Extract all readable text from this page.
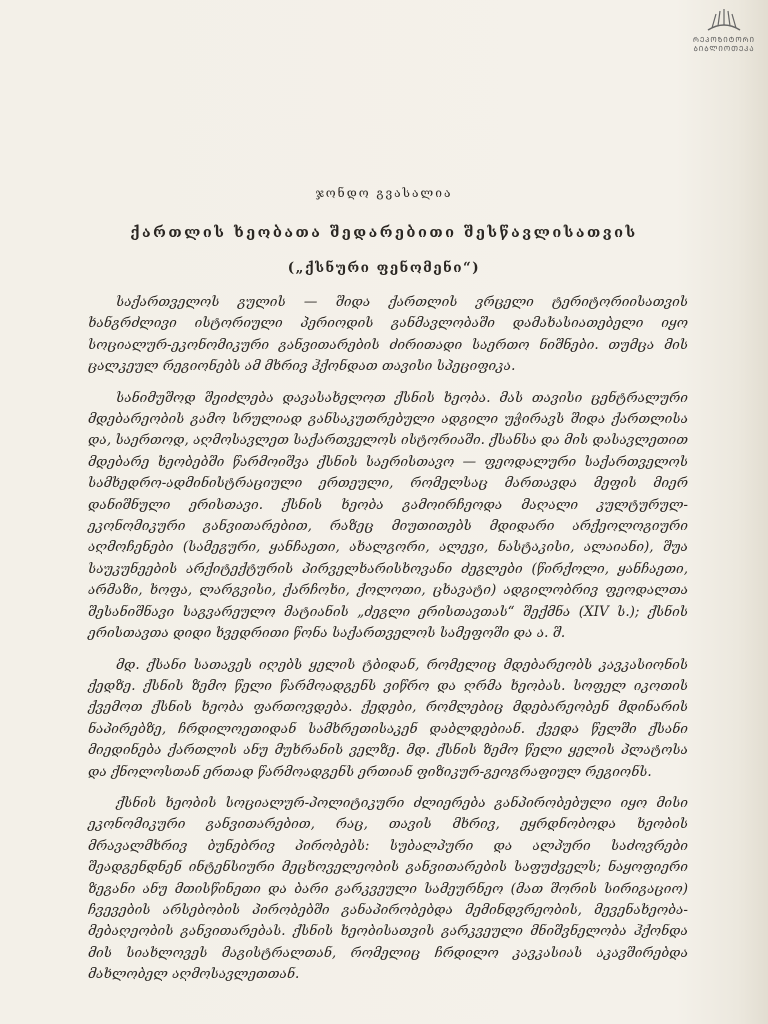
ᲠᲔᲞᲝᲖᲘᲢᲝᲠᲘ
ᲑᲘᲑᲚᲘᲝᲗᲔᲙᲐ
ჯონდო გვასალია
ქართლის ხეობათა შედარებითი შესწავლისათვის
(„ქსნური ფენომენი“)

საქართველოს გულის — შიდა ქართლის ვრცელი ტერიტორიისათვის ხანგრძლივი ისტორიული პერიოდის განმავლობაში დამახასიათებელი იყო სოციალურ-ეკონომიკური განვითარების ძირითადი საერთო ნიშნები. თუმცა მის ცალკეულ რეგიონებს ამ მხრივ ჰქონდათ თავისი სპეციფიკა.

სანიმუშოდ შეიძლება დავასახელოთ ქსნის ხეობა. მას თავისი ცენტრალური მდებარეობის გამო სრულიად განსაკუთრებული ადგილი უჭირავს შიდა ქართლისა და, საერთოდ, აღმოსავლეთ საქართველოს ისტორიაში. ქსანსა და მის დასავლეთით მდებარე ხეობებში წარმოიშვა ქსნის საერისთავო — ფეოდალური საქართველოს სამხედრო-ადმინისტრაციული ერთეული, რომელსაც მართავდა მეფის მიერ დანიშნული ერისთავი. ქსნის ხეობა გამოირჩეოდა მაღალი კულტურულ-ეკონომიკური განვითარებით, რაზეც მიუთითებს მდიდარი არქეოლოგიური აღმოჩენები (სამეგური, ყანჩაეთი, ახალგორი, ალევი, ნასტაკისი, ალაიანი), შუა საუკუნეების არქიტექტურის პირველხარისხოვანი ძეგლები (წირქოლი, ყანჩაეთი, არმაზი, ხოფა, ლარგვისი, ქარჩოხი, ქოლოთი, ცხავატი) ადგილობრივ ფეოდალთა შესანიშნავი საგვარეულო მატიანის „ძეგლი ერისთავთას“ შექმნა (XIV ს.); ქსნის ერისთავთა დიდი ხვედრითი წონა საქართველოს სამეფოში და ა. შ.

მდ. ქსანი სათავეს იღებს ყელის ტბიდან, რომელიც მდებარეობს კავკასიონის ქედზე. ქსნის ზემო წელი წარმოადგენს ვიწრო და ღრმა ხეობას. სოფელ იკოთის ქვემოთ ქსნის ხეობა ფართოვდება. ქედები, რომლებიც მდებარეობენ მდინარის ნაპირებზე, ჩრდილოეთიდან სამხრეთისაკენ დაბლდებიან. ქვედა წელში ქსანი მიედინება ქართლის ანუ მუხრანის ველზე. მდ. ქსნის ზემო წელი ყელის პლატოსა და ქნოლოსთან ერთად წარმოადგენს ერთიან ფიზიკურ-გეოგრაფიულ რეგიონს.

ქსნის ხეობის სოციალურ-პოლიტიკური ძლიერება განპირობებული იყო მისი ეკონომიკური განვითარებით, რაც, თავის მხრივ, ეყრდნობოდა ხეობის მრავალმხრივ ბუნებრივ პირობებს: სუბალპური და ალპური საძოვრები შეადგენდნენ ინტენსიური მეცხოველეობის განვითარების საფუძველს; ნაყოფიერი ზეგანი ანუ მთისწინეთი და ბარი გარკვეული სამეურნეო (მათ შორის სირიგაციო) ჩვევების არსებობის პირობებში განაპირობებდა მემინდვრეობის, მევენახეობა-მებაღეობის განვითარებას. ქსნის ხეობისათვის გარკვეული მნიშვნელობა ჰქონდა მის სიახლოვეს მაგისტრალთან, რომელიც ჩრდილო კავკასიას აკავშირებდა მახლობელ აღმოსავლეთთან.
